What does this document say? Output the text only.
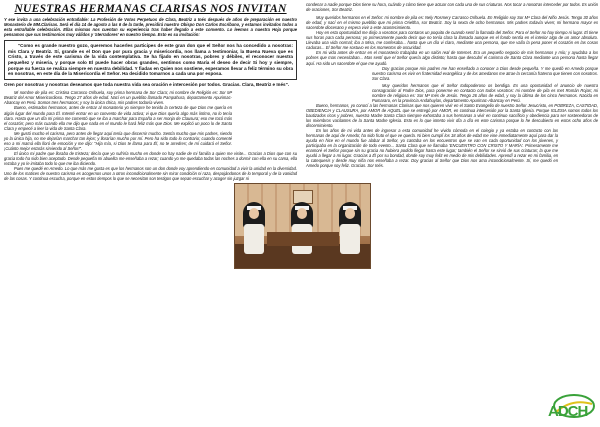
NUESTRAS HERMANAS CLARISAS NOS INVITAN
Y ese invita a una celebración entrañable: La Profesión de Votos Perpetuos de Clara, Beatriz a Inés después de años de preparación en nuestro Monasterio de MM.Clarisas. Será el día 14 de agosto a las 6 de la tarde, presidirá nuestro Obispo Don Carlos Escribano, y estamos invitados todos a esta entrañable celebración. Ellas mismas nos cuentan su experiencia tras haber llegado a este convento. Lo leemos a nuestra Hoja porque pensamos que sus testimonios muy válidos y 'aterradores' en nuestro tiempo. Esto es su invitación:
"Como es grande nuestro gozo, queremos hacerles participes de este gran don que el Señor nos ha concedido a nosotras: mis Clara y Beatriz. Sí, grande es el Don que por pura gracia y misericordia, nos llama a testimoniar, la Buena Nueva que es Cristo, a través de este carisma de la vida contemplativa. Se ha fijado en nosotras, pobres y débiles, el reconocer nuestra pequeñez y miseria, y porque solo El puede hacer obras grandes, sentimos como María el deseo de decir Si hoy y siempre, porque su fuerza se realiza siempre en nuestra debilidad. Y fiadas en Quien nos sostiene, esperamos llevar a feliz término su obra en nosotras, en este día de la Misericordia el Señor. Ha decidido tomarnos a cada una por esposa.
Oren por nosotras y nosotras deseamos que toda nuestra vida sea oración e intercesión por todos. Gracias. Clara, Beatriz e Inés".

Mi nombre de pila es: Cristina Carrasco Orihuela, soy prima hermana de Sor Clara; mi nombre de Religión es: Sor Mª Beatriz del Amor Misericordioso. Tengo 27 años de edad. Nací en un pueblito llamado Pampahura, departamento Apurimac-Abancay en Perú. Somos tres hermanos; y soy la única chica, mis padres todavía viven.

Bueno, estimados hermanos, antes de entrar al monasterio yo siempre he tenido la certeza de que Dios me quería en algún lugar del mundo para Él. Intenté entrar en un convento de vida activa; vi que Dios quería algo más íntimo, no lo tenía claro. Hasta que un día mi prima me comentó que se iba a marchar para España a ser monja de Clausura; eso me tocó más el corazón; pero más cuando ella me dijo que nada en el mundo le hará feliz más que Dios. Me explicó un poco lo de Santa Clara y empecé a leer la vida de Santa Clara.

Me gustó mucho el carisma, pero antes de llegar aquí tenía que discernir mucho. Sentía mucho que mis padres, siendo yo la única hija, no me dejarían marchar tan lejos; y llorarían mucho por mí. Pero ha sido todo lo contrario; cuando comenté eso a mi mamá ella lloró de emoción y me dijo: "Hija mía, si Dios te llama para Él, no te arredres; de mí cuidará el Señor. ¡Cuánto mejor estarás sirviendo al Señor!".

El único mi padre que lloraba de tristeza; decía que yo sufriría mucho en donde no hay nadie de mi familia a quien me visite... Gracias a Dios que con su gracia todo ha sido bien aceptado. Desde pequeña mi abuelita me enseñaba a rezar; cuando yo me quedaba todas las noches a dormir con ella en su cama, ella rezaba y yo le imitaba todo lo que me iba diciendo.

Pues me quedé en Amedo. Lo que más me gusta es que los hermanos son un don donde voy aprendiendo en comunidad a vivir la unidad en la diversidad. Uno de los matices de nuestro carisma es acogernos unos a otros incondicionalmente sin mirar condición ni raza, despojándonos de lo temporal y de la vanidad de las cosas. Y continua escucha, porque en estos tiempos lo que se necesitan son testigos que sepan escuchar y acoger sin juzgar ni

condenar a nadie porque Dios tiene su hora, cuándo y cómo tiene que actuar con cada una de sus criaturas. Nos tocar a nosotras interceder por todos. Es unión de oraciones, Sor Beatriz.

Muy queridos hermanos en el Señor: mi nombre de pila es: Nely Rosmery Carrasco Orihuela. En Religión soy Sor Mª Clara del Niño Jesús. Tengo 30 años de edad, y nací en el mismo pueblito que mi prima Orieltha, sor Beatriz. Soy la sexta de ocho hermanos. Mis padres todavía viven; mi hermano mayor es sacerdote diocesano y espera vivir a este acontecimiento.

Hoy en esta oportunidad me dirijo a vosotros para contaros un poquito de cuando sentí la llamada del Señor. Para el Señor no hay tiempo ni lugar. El tiene sus horas para cada persona; yo primeramente puedo decir que no tenía clara la llamada aunque en el fondo sentía en el interior algo de un amor absoluto. Llevaba una vida normal; iba a Misa, me confesaba... hasta que un día vi claro, mediante una persona, que me valía la pena poner el corazón en las cosas caducas... El Señor me sostuvo en los momentos de oscuridad.

En mi vida antes de entrar en el monasterio trabajaba en un salón real de Internet. Era un pequeño negocio de mis hermanos y mío; y ayudaba a los pobres que mas necesitaban... Mas sentí que el Señor quería algo distinto; hasta que descubrí el carisma de Santa Clara mediante una persona hasta llegar aquí. Ha sido un sacerdote el que me ayudó.

Doy gracias porque mis padres me han enseñado a conocer a Dios desde pequeña. Y me quedó en Amedo porque nuestro carisma es vivir en fraternidad evangélica y de los amedanos me atrae la cercanía fraterna que tienen con nosotros. Sor Clara.

Muy queridos hermanos que el Señor todopoderoso os bendiga. Es una oportunidad el anuncio de nuestra consagración al Padre Dios, para ponerme en contacto con todos vosotros: mi nombre de pila es Inet Román Rojas; mi nombre de religiosa es: Sor Mª Inés de Jesús. Tengo 26 años de edad, y soy la última de los cinco hermanos. Nacida en Pumararo, en la provincia Andahuylas, departamento Apurimac-Abancay en Perú.

Bueno, hermanos, yo conocí a las hermanas Clarisas que nos quieren vivir en el Santo Evangelio de nuestro Señor Jesucristo, en POBREZA, CASTIDAD, OBEDIENCIA y CLAUSURA, por AMOR de AQUEL que se entregó por AMOR, en continua intercesión por la Santa Iglesia. Porque IGLESIA somos todos los bautizados ricos y pobres, nuestra Madre Santa Clara siempre exhortaba a sus hermanas a vivir en continuo sacrificio y obediencia para ser sostenedoras de los miembros vacilantes de la Santa Madre Iglesia. Esto es lo que intento vivir día a día en este carisma porque lo he descubierto en estos ocho años de discernimiento.

En los años de mi vida antes de ingresar a esta comunidad he vivido cómoda en el colegio y ya estaba en contacto con las hermanas de aquí de Amedo; ha sido fruto el que ve querla. Ni bien cumplí los 18 años de edad me vine inmediatamente aquí para dar la ayuda en hice en el mundo fue alabar al Señor, yo cantaba en los encuentros que se van en cada oportunidad con los jóvenes, y participaba en la organización de todo evento... Santa Clara que se llamaba 'ENCUENTRO CON CRISTO Y MARÍA'. Primeramente me enamoré el Señor porque sin su gracia no hubiera podido llegar hasta este lugar; también el Señor se sirvió de sus criaturas; la que me ayudó a llegar a mi lugar. Gracias a Él por su bondad, donde soy muy feliz en medio de mis debilidades. Aprendí a rezar en mi familia, en la catequesis y desde muy niña nos enseñaba a rezar. Doy gracias al Señor que Dios nos ama incondicionalmente. Sí, me quedó en Amedo porque soy feliz. Gracias. Sor Inés.

ADCH
